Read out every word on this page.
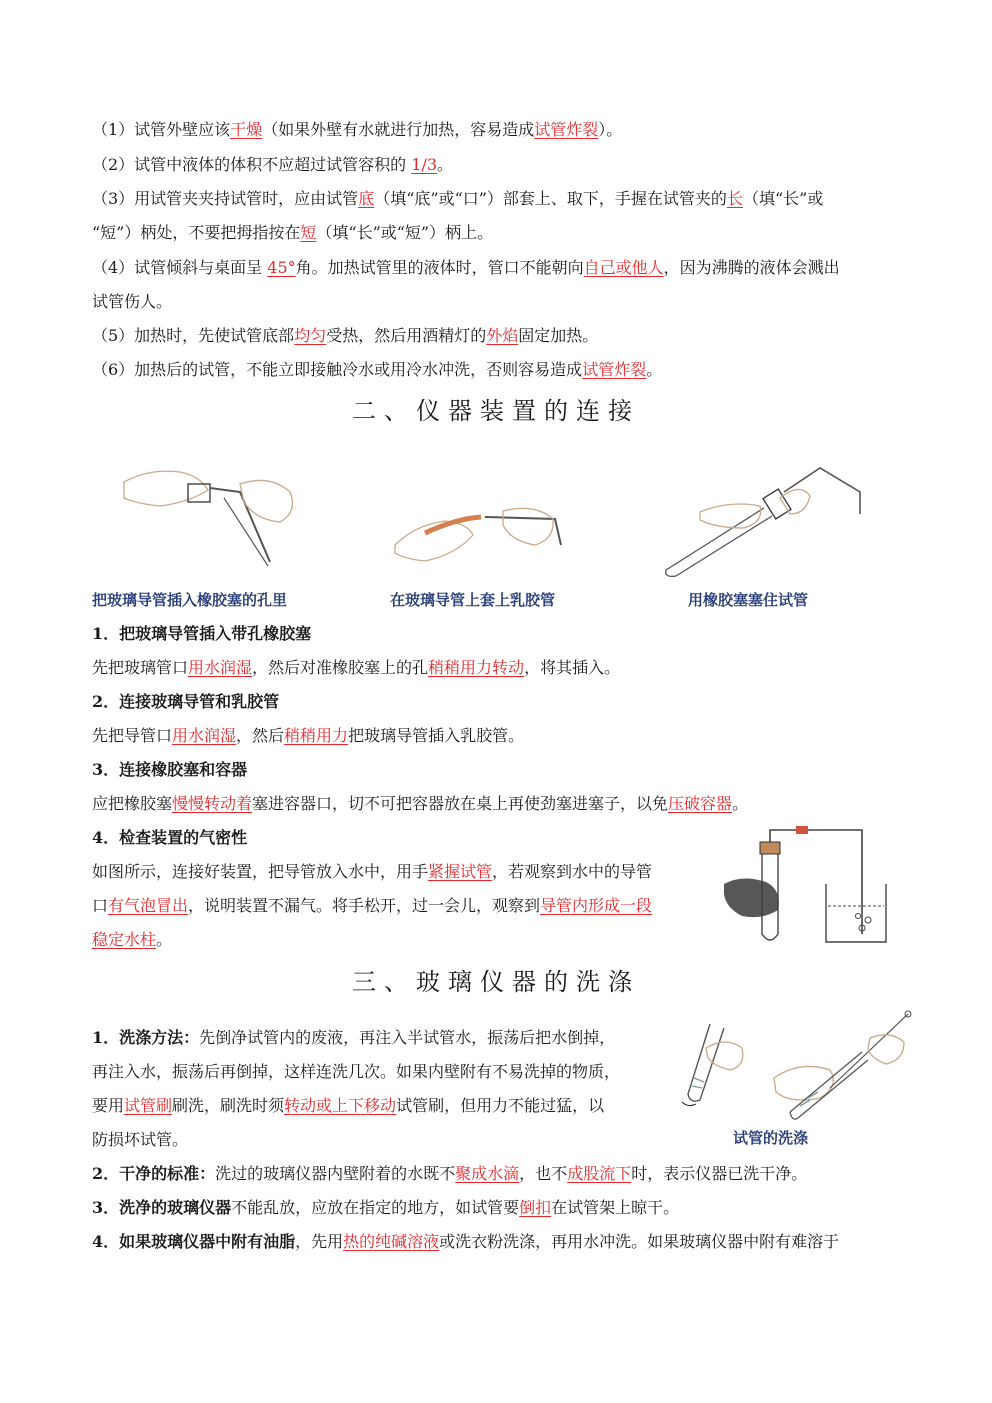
（1）试管外壁应该干燥（如果外壁有水就进行加热，容易造成试管炸裂）。
（2）试管中液体的体积不应超过试管容积的 1/3。
（3）用试管夹夹持试管时，应由试管底（填“底”或“口”）部套上、取下，手握在试管夹的长（填“长”或
“短”）柄处，不要把拇指按在短（填“长”或“短”）柄上。
（4）试管倾斜与桌面呈 45°角。加热试管里的液体时，管口不能朝向自己或他人，因为沸腾的液体会溅出
试管伤人。
（5）加热时，先使试管底部均匀受热，然后用酒精灯的外焰固定加热。
（6）加热后的试管，不能立即接触冷水或用冷水冲洗，否则容易造成试管炸裂。
二、仪器装置的连接
把玻璃导管插入橡胶塞的孔里	在玻璃导管上套上乳胶管	用橡胶塞塞住试管
1．把玻璃导管插入带孔橡胶塞
先把玻璃管口用水润湿，然后对准橡胶塞上的孔稍稍用力转动，将其插入。
2．连接玻璃导管和乳胶管
先把导管口用水润湿，然后稍稍用力把玻璃导管插入乳胶管。
3．连接橡胶塞和容器
应把橡胶塞慢慢转动着塞进容器口，切不可把容器放在桌上再使劲塞进塞子，以免压破容器。
4．检查装置的气密性
如图所示，连接好装置，把导管放入水中，用手紧握试管，若观察到水中的导管
口有气泡冒出，说明装置不漏气。将手松开，过一会儿，观察到导管内形成一段
稳定水柱。
三、玻璃仪器的洗涤
1．洗涤方法：先倒净试管内的废液，再注入半试管水，振荡后把水倒掉，
再注入水，振荡后再倒掉，这样连洗几次。如果内壁附有不易洗掉的物质，
要用试管刷刷洗，刷洗时须转动或上下移动试管刷，但用力不能过猛，以
防损坏试管。	试管的洗涤
2．干净的标准：洗过的玻璃仪器内壁附着的水既不聚成水滴，也不成股流下时，表示仪器已洗干净。
3．洗净的玻璃仪器不能乱放，应放在指定的地方，如试管要倒扣在试管架上晾干。
4．如果玻璃仪器中附有油脂，先用热的纯碱溶液或洗衣粉洗涤，再用水冲洗。如果玻璃仪器中附有难溶于
